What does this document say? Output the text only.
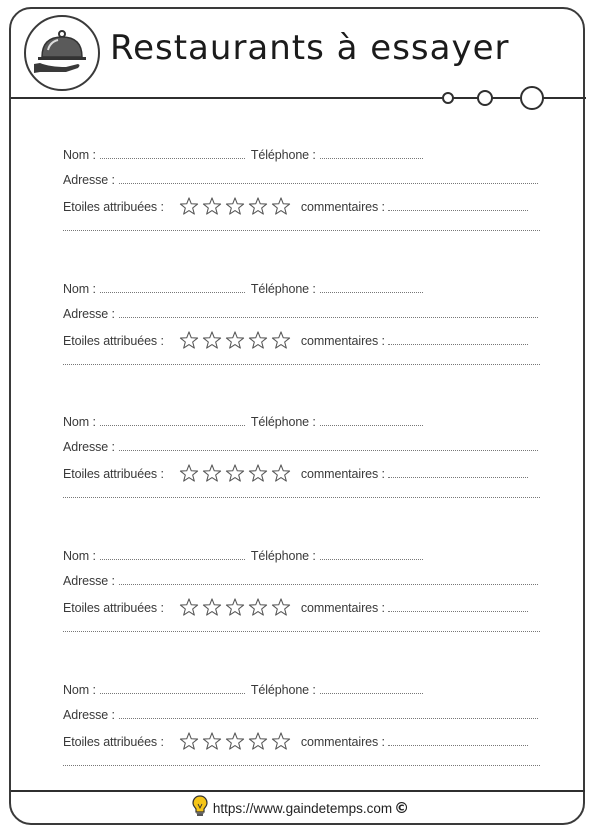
Restaurants à essayer
Nom :	Téléphone :
Adresse :
Etoiles attribuées :	commentaires :
Nom :	Téléphone :
Adresse :
Etoiles attribuées :	commentaires :
Nom :	Téléphone :
Adresse :
Etoiles attribuées :	commentaires :
Nom :	Téléphone :
Adresse :
Etoiles attribuées :	commentaires :
Nom :	Téléphone :
Adresse :
Etoiles attribuées :	commentaires :
https://www.gaindetemps.com ©
